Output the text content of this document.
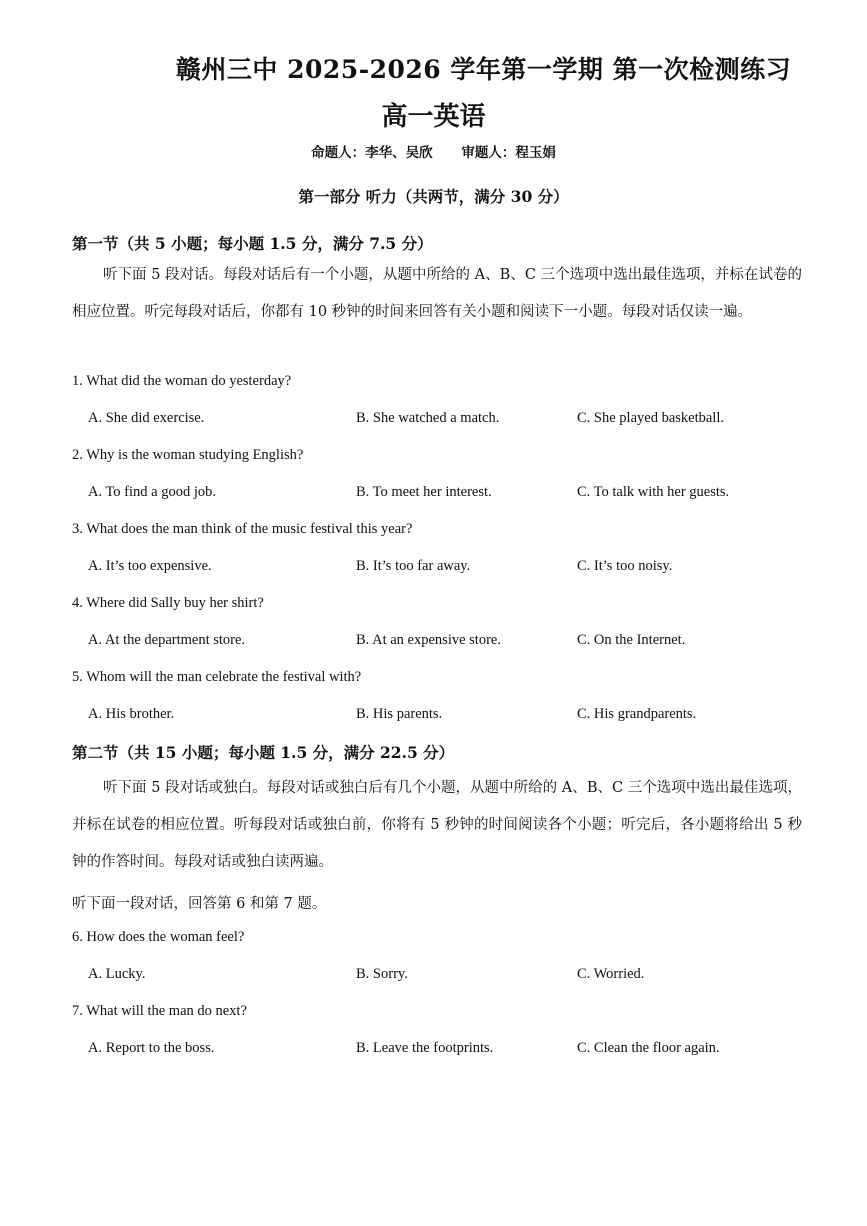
赣州三中 2025-2026 学年第一学期 第一次检测练习
高一英语
命题人：李华、吴欣 审题人：程玉娟
第一部分 听力（共两节，满分 30 分）
第一节（共 5 小题；每小题 1.5 分，满分 7.5 分）
听下面 5 段对话。每段对话后有一个小题，从题中所给的 A、B、C 三个选项中选出最佳选项，并标在试卷的相应位置。听完每段对话后，你都有 10 秒钟的时间来回答有关小题和阅读下一小题。每段对话仅读一遍。
1. What did the woman do yesterday?
A. She did exercise.	B. She watched a match.	C. She played basketball.
2. Why is the woman studying English?
A. To find a good job.	B. To meet her interest.	C. To talk with her guests.
3. What does the man think of the music festival this year?
A. It’s too expensive.	B. It’s too far away.	C. It’s too noisy.
4. Where did Sally buy her shirt?
A. At the department store.	B. At an expensive store.	C. On the Internet.
5. Whom will the man celebrate the festival with?
A. His brother.	B. His parents.	C. His grandparents.
第二节（共 15 小题；每小题 1.5 分，满分 22.5 分）
听下面 5 段对话或独白。每段对话或独白后有几个小题，从题中所给的 A、B、C 三个选项中选出最佳选项，并标在试卷的相应位置。听每段对话或独白前，你将有 5 秒钟的时间阅读各个小题；听完后，各小题将给出 5 秒钟的作答时间。每段对话或独白读两遍。
听下面一段对话，回答第 6 和第 7 题。
6. How does the woman feel?
A. Lucky.	B. Sorry.	C. Worried.
7. What will the man do next?
A. Report to the boss.	B. Leave the footprints.	C. Clean the floor again.
